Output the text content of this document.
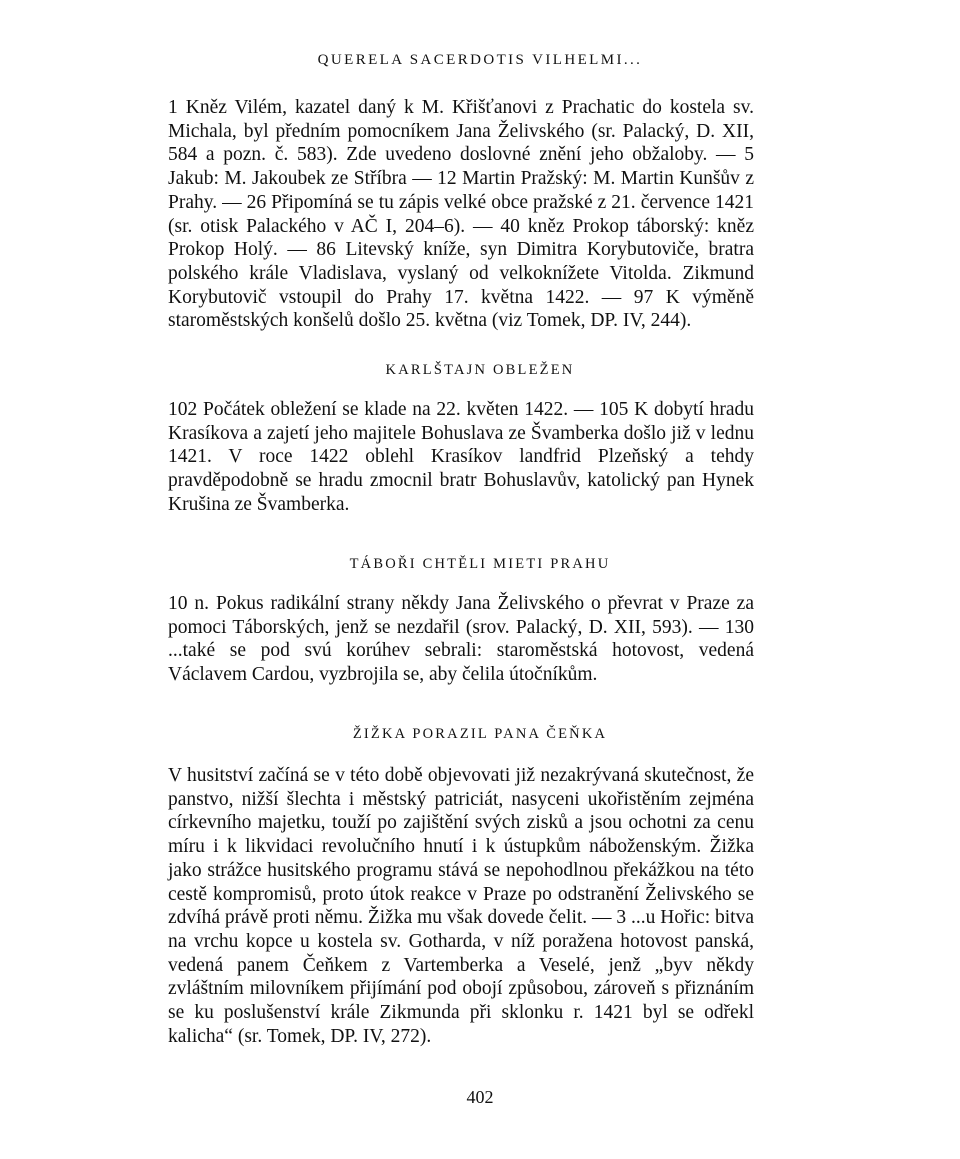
QUERELA SACERDOTIS VILHELMI...

1 Kněz Vilém, kazatel daný k M. Křišťanovi z Prachatic do kostela sv. Michala, byl předním pomocníkem Jana Želivského (sr. Palacký, D. XII, 584 a pozn. č. 583). Zde uvedeno doslovné znění jeho obžaloby. — 5 Jakub: M. Jakoubek ze Stříbra — 12 Martin Pražský: M. Martin Kunšův z Prahy. — 26 Připomíná se tu zápis velké obce pražské z 21. července 1421 (sr. otisk Palackého v AČ I, 204–6). — 40 kněz Prokop táborský: kněz Prokop Holý. — 86 Litevský kníže, syn Dimitra Korybutoviče, bratra polského krále Vladislava, vyslaný od velkoknížete Vitolda. Zikmund Korybutovič vstoupil do Prahy 17. května 1422. — 97 K výměně staroměstských konšelů došlo 25. května (viz Tomek, DP. IV, 244).

KARLŠTAJN OBLEŽEN

102 Počátek obležení se klade na 22. květen 1422. — 105 K dobytí hradu Krasíkova a zajetí jeho majitele Bohuslava ze Švamberka došlo již v lednu 1421. V roce 1422 oblehl Krasíkov landfrid Plzeňský a tehdy pravděpodobně se hradu zmocnil bratr Bohuslavův, katolický pan Hynek Krušina ze Švamberka.

TÁBOŘI CHTĚLI MIETI PRAHU

10 n. Pokus radikální strany někdy Jana Želivského o převrat v Praze za pomoci Táborských, jenž se nezdařil (srov. Palacký, D. XII, 593). — 130 ...také se pod svú korúhev sebrali: staroměstská hotovost, vedená Václavem Cardou, vyzbrojila se, aby čelila útočníkům.

ŽIŽKA PORAZIL PANA ČEŇKA

V husitství začíná se v této době objevovati již nezakrývaná skutečnost, že panstvo, nižší šlechta i městský patriciát, nasyceni ukořistěním zejména církevního majetku, touží po zajištění svých zisků a jsou ochotni za cenu míru i k likvidaci revolučního hnutí i k ústupkům náboženským. Žižka jako strážce husitského programu stává se nepohodlnou překážkou na této cestě kompromisů, proto útok reakce v Praze po odstranění Želivského se zdvíhá právě proti němu. Žižka mu však dovede čelit. — 3 ...u Hořic: bitva na vrchu kopce u kostela sv. Gotharda, v níž poražena hotovost panská, vedená panem Čeňkem z Vartemberka a Veselé, jenž „byv někdy zvláštním milovníkem přijímání pod obojí způsobou, zároveň s přiznáním se ku poslušenství krále Zikmunda při sklonku r. 1421 byl se odřekl kalicha“ (sr. Tomek, DP. IV, 272).

402
